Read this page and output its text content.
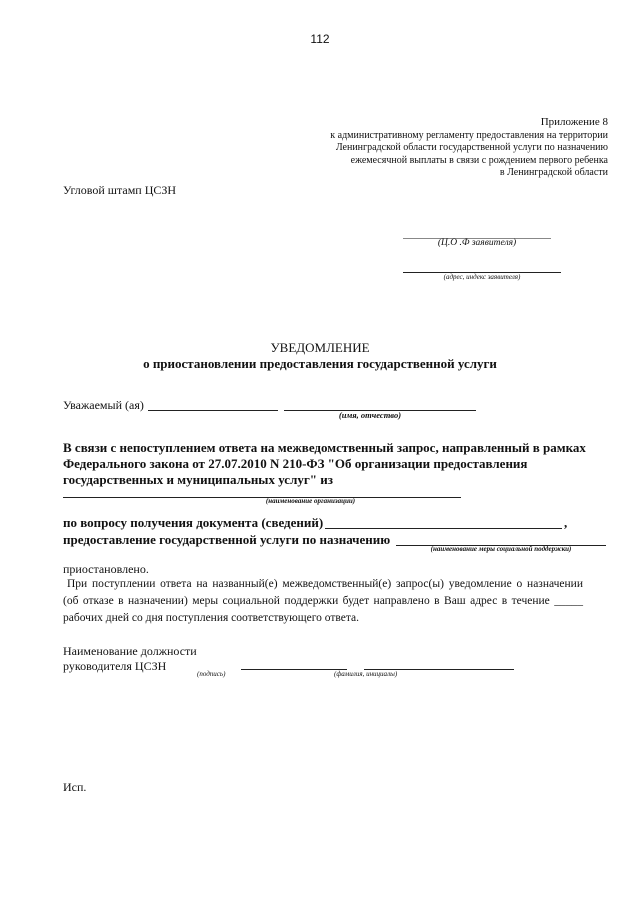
112
Приложение 8
к административному регламенту предоставления на территории
Ленинградской области государственной услуги по назначению
ежемесячной выплаты в связи с рождением первого ребенка
в Ленинградской области
Угловой штамп ЦСЗН
(Ц.О .Ф заявителя)
(адрес, индекс заявителя)
УВЕДОМЛЕНИЕ
о приостановлении предоставления государственной услуги
Уважаемый (ая)
(имя, отчество)
В связи с непоступлением ответа на межведомственный запрос, направленный в рамках
Федерального закона от 27.07.2010 N 210-ФЗ "Об организации предоставления
государственных и муниципальных услуг" из
(наименование организации)
по вопросу получения документа (сведений)	,
предоставление государственной услуги по назначению
(наименование меры социальной поддержки)
приостановлено.
При поступлении ответа на названный(е) межведомственный(е) запрос(ы) уведомление о назначении (об отказе в назначении) меры социальной поддержки будет направлено в Ваш адрес в течение _____ рабочих дней со дня поступления соответствующего ответа.
Наименование должности
руководителя ЦСЗН
(подпись)	(фамилия, инициалы)
Исп.
